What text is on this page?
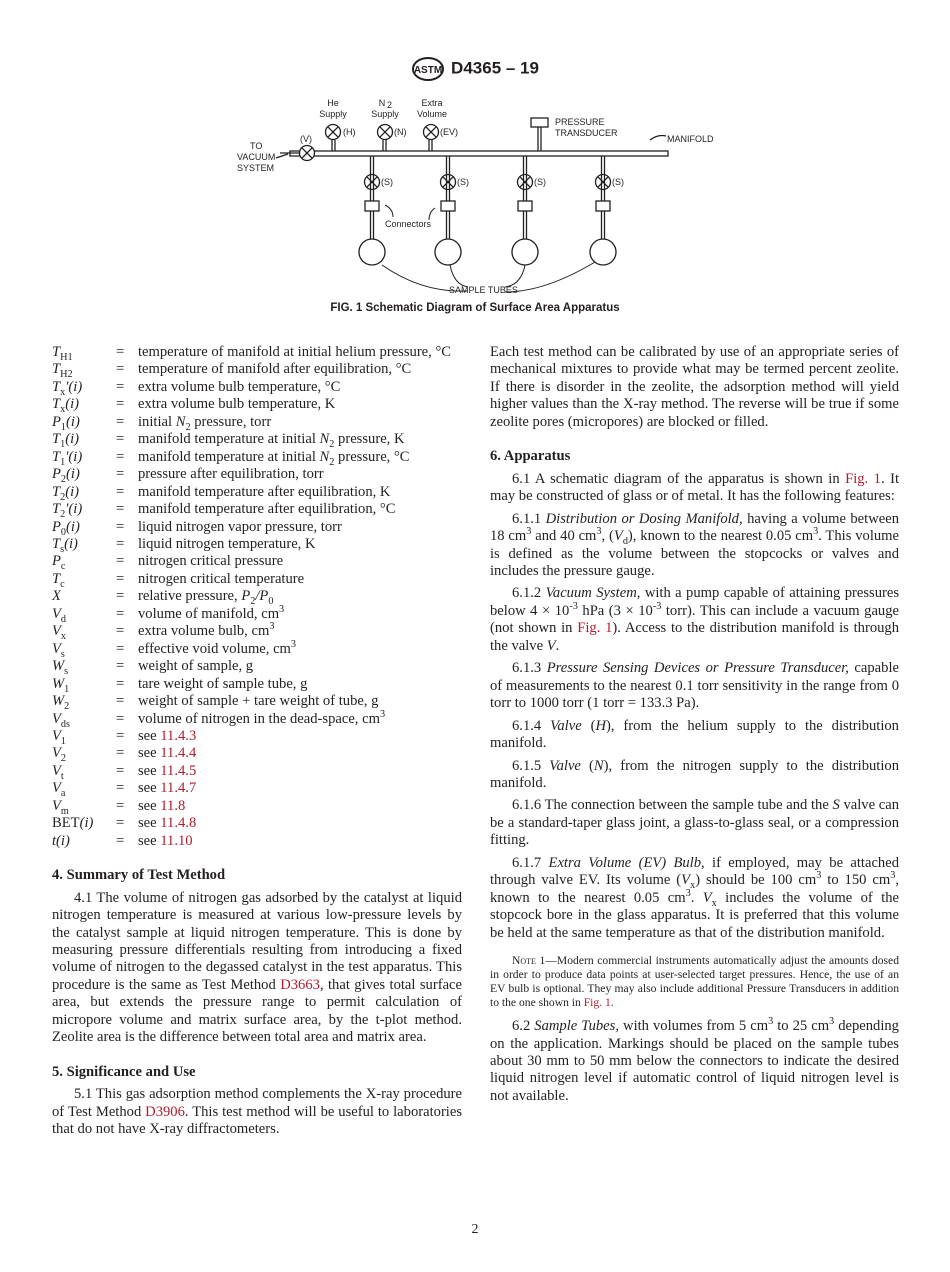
ASTM D4365 – 19
He
Supply
(H)
N 2
Supply
(N)
Extra
Volume
(EV)
(V)
TO
VACUUM
SYSTEM
PRESSURE
TRANSDUCER
MANIFOLD
Connectors
SAMPLE TUBES
(S)	(S)	(S)	(S)
FIG. 1 Schematic Diagram of Surface Area Apparatus
$T_{H1}$	= temperature of manifold at initial helium pressure, °C
$T_{H2}$	= temperature of manifold after equilibration, °C
$T_x'(i)$	= extra volume bulb temperature, °C
$T_x(i)$	= extra volume bulb temperature, K
$P_1(i)$	= initial $N_2$ pressure, torr
$T_1(i)$	= manifold temperature at initial $N_2$ pressure, K
$T_1'(i)$	= manifold temperature at initial $N_2$ pressure, °C
$P_2(i)$	= pressure after equilibration, torr
$T_2(i)$	= manifold temperature after equilibration, K
$T_2'(i)$	= manifold temperature after equilibration, °C
$P_0(i)$	= liquid nitrogen vapor pressure, torr
$T_s(i)$	= liquid nitrogen temperature, K
$P_c$	= nitrogen critical pressure
$T_c$	= nitrogen critical temperature
X	= relative pressure, $P_2/P_0$
$V_d$	= volume of manifold, $cm^3$
$V_x$	= extra volume bulb, $cm^3$
$V_s$	= effective void volume, $cm^3$
$W_s$	= weight of sample, g
$W_1$	= tare weight of sample tube, g
$W_2$	= weight of sample + tare weight of tube, g
$V_{ds}$	= volume of nitrogen in the dead-space, $cm^3$
$V_1$	= see 11.4.3
$V_2$	= see 11.4.4
$V_t$	= see 11.4.5
$V_a$	= see 11.4.7
$V_m$	= see 11.8
BET(i)	= see 11.4.8
t(i)	= see 11.10
4. Summary of Test Method

4.1 The volume of nitrogen gas adsorbed by the catalyst at liquid nitrogen temperature is measured at various low-pressure levels by the catalyst sample at liquid nitrogen temperature. This is done by measuring pressure differentials resulting from introducing a fixed volume of nitrogen to the degassed catalyst in the test apparatus. This procedure is the same as Test Method D3663, that gives total surface area, but extends the pressure range to permit calculation of micropore volume and matrix surface area, by the t-plot method. Zeolite area is the difference between total area and matrix area.

5. Significance and Use

5.1 This gas adsorption method complements the X-ray procedure of Test Method D3906. This test method will be useful to laboratories that do not have X-ray diffractometers.

Each test method can be calibrated by use of an appropriate series of mechanical mixtures to provide what may be termed percent zeolite. If there is disorder in the zeolite, the adsorption method will yield higher values than the X-ray method. The reverse will be true if some zeolite pores (micropores) are blocked or filled.

6. Apparatus

6.1 A schematic diagram of the apparatus is shown in Fig. 1. It may be constructed of glass or of metal. It has the following features:

6.1.1 Distribution or Dosing Manifold, having a volume between 18 $cm^3$ and 40 $cm^3$, $(V_d)$, known to the nearest 0.05 $cm^3$. This volume is defined as the volume between the stopcocks or valves and includes the pressure gauge.

6.1.2 Vacuum System, with a pump capable of attaining pressures below $4 \times 10^{-3}$ hPa ($3 \times 10^{-3}$ torr). This can include a vacuum gauge (not shown in Fig. 1). Access to the distribution manifold is through the valve V.

6.1.3 Pressure Sensing Devices or Pressure Transducer, capable of measurements to the nearest 0.1 torr sensitivity in the range from 0 torr to 1000 torr (1 torr = 133.3 Pa).

6.1.4 Valve (H), from the helium supply to the distribution manifold.

6.1.5 Valve (N), from the nitrogen supply to the distribution manifold.

6.1.6 The connection between the sample tube and the S valve can be a standard-taper glass joint, a glass-to-glass seal, or a compression fitting.

6.1.7 Extra Volume (EV) Bulb, if employed, may be attached through valve EV. Its volume $(V_x)$ should be 100 $cm^3$ to 150 $cm^3$, known to the nearest 0.05 $cm^3$. $V_x$ includes the volume of the stopcock bore in the glass apparatus. It is preferred that this volume be held at the same temperature as that of the distribution manifold.

Note 1—Modern commercial instruments automatically adjust the amounts dosed in order to produce data points at user-selected target pressures. Hence, the use of an EV bulb is optional. They may also include additional Pressure Transducers in addition to the one shown in Fig. 1.

6.2 Sample Tubes, with volumes from 5 $cm^3$ to 25 $cm^3$ depending on the application. Markings should be placed on the sample tubes about 30 mm to 50 mm below the connectors to indicate the desired liquid nitrogen level if automatic control of liquid nitrogen level is not available.

2
